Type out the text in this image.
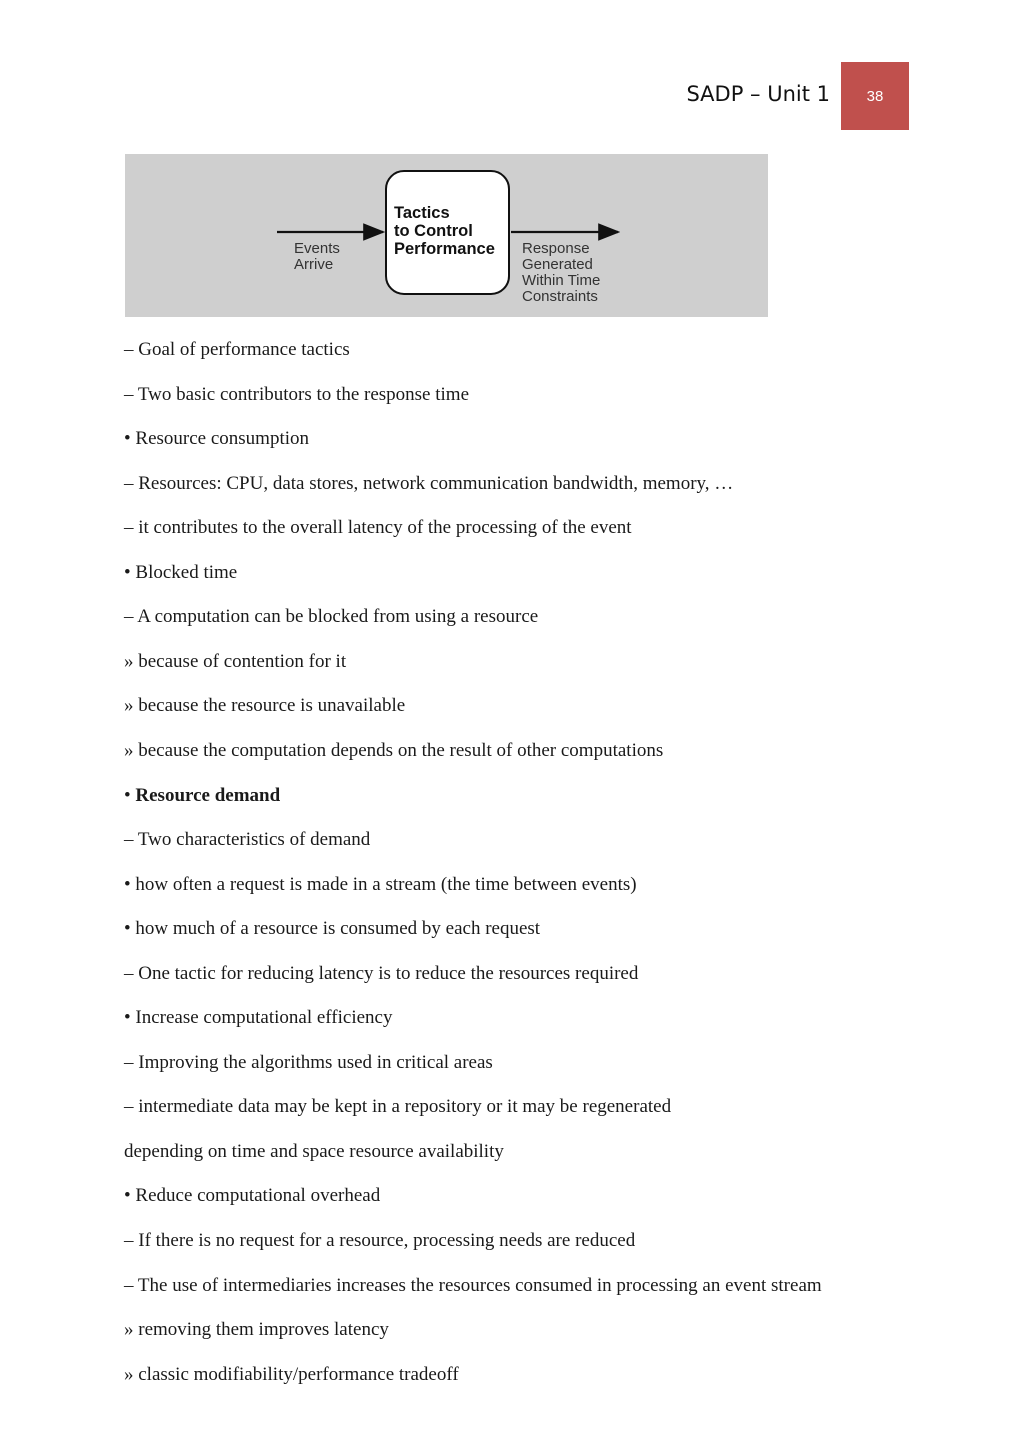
SADP – Unit 1	38
Events
Arrive
Tactics
to Control
Performance Response
Generated
Within Time
Constraints
– Goal of performance tactics
– Two basic contributors to the response time
• Resource consumption
– Resources: CPU, data stores, network communication bandwidth, memory, …
– it contributes to the overall latency of the processing of the event
• Blocked time
– A computation can be blocked from using a resource
» because of contention for it
» because the resource is unavailable
» because the computation depends on the result of other computations
• Resource demand
– Two characteristics of demand
• how often a request is made in a stream (the time between events)
• how much of a resource is consumed by each request
– One tactic for reducing latency is to reduce the resources required
• Increase computational efficiency
– Improving the algorithms used in critical areas
– intermediate data may be kept in a repository or it may be regenerated
depending on time and space resource availability
• Reduce computational overhead
– If there is no request for a resource, processing needs are reduced
– The use of intermediaries increases the resources consumed in processing an event stream
» removing them improves latency
» classic modifiability/performance tradeoff
